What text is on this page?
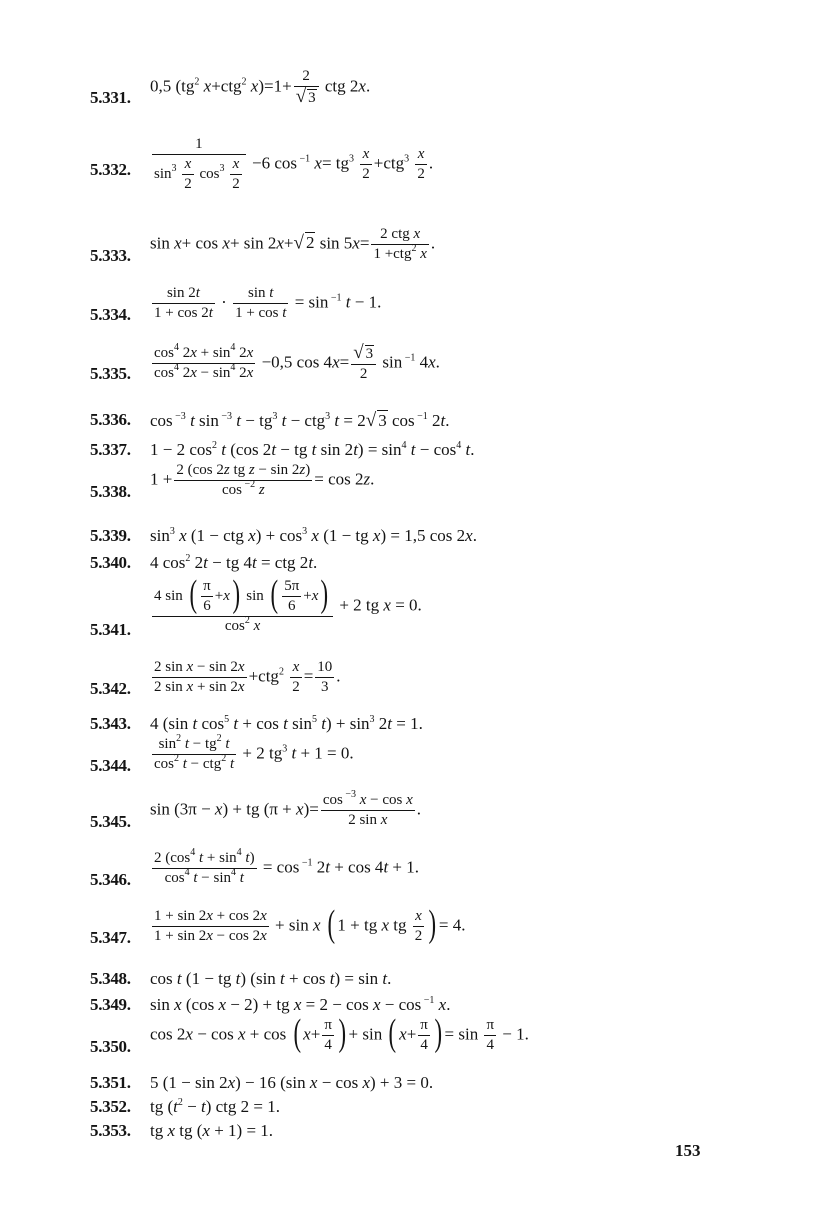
5.331.
0,5 ($tg^2$ x+ctg$^2$ $x)=1+ \frac{2}{√ 3}$ ctg 2x.
5.332. $\frac{1}{\sin^3 \frac{x}{2} \cos^3 \frac{x}{2}} -6$ cos $^{-1}$ $x= tg^3 \frac{x}{2} +ctg^3 \frac{x}{2}$ .
5.333.
sin x+ cos x+ sin 2x+√ 2 $\sin 5x= \frac{\text{2 ctg x}}{1 +ctg^2 x}$ .
5.334. $\frac{\sin 2t}{1 + \cos 2t} \cdot \frac{\text{sin t}}{\text{1 + cos t}} = \sin ^{-1}$ t − 1.
5.335. $\frac{\cos^4 2x + \sin^4 2x}{\cos^4 2x - \sin^4 2x} -0,5$ $\cos 4x= \frac{√ 3}{2}$ sin $^{-1}$ 4x.
5.336. cos $^{-3}$ t sin $^{-3}$ $t - tg^3$ t − ctg$^3$ t = 2√ 3 cos $^{-1}$ 2t.
5.337. 1 − 2 $\cos^2 t$ (cos 2t − tg t $\sin 2t) = \sin^4 t - \cos^4 t$.
5.338.
$1 + \frac{\text{2 (cos 2z tg z − sin 2z)}}{\cos ^{-2} z} = \cos 2z$.
5.339. $\sin^3 x$ (1 − ctg $x) + \cos^3 x$ (1 − tg x) = 1,5 cos 2x.
5.340. 4 $\cos^2 2t$ − tg 4t = ctg 2t.
5.341. $\frac{4 \sin ( \frac{\pi}{6} +x) \sin ( \frac{5\pi}{6} +x)}{\cos^2 x} + 2$ tg x = 0.
5.342. $\frac{\text{2 sin x − sin 2x}}{\text{2 sin x + sin 2x}} +ctg^2 \frac{x}{2} = \frac{10}{3}$ .
5.343. 4 (sin t $\cos^5 t + \cos t$ $\sin^5 t) + \sin^3 2t = 1$.
5.344. $\frac{\sin^2 t - tg^2 t}{\cos^2 t - ctg^2 t} + 2$ $tg^3$ t + 1 = 0.
5.345.
sin (3π − x) + tg $(\pi + x)= \frac{\cos ^{-3} x - \cos x}{\text{2 sin x}}$ .
5.346. $\frac{2 (\cos^4 t + \sin^4 t)}{\cos^4 t - \sin^4 t} = \cos ^{-1}$ 2t + cos 4t + 1.
5.347. $\frac{1 + \sin 2x + \cos 2x}{1 + \sin 2x - \cos 2x} + \sin x$ ( 1 + tg x tg $\frac{x}{2}$ ) = 4.
5.348. cos t (1 − tg t) (sin t + cos t) = sin t.
5.349. sin x (cos x − 2) + tg x = 2 − cos x − cos $^{-1}$ x.
5.350.
cos 2x − cos x + cos ( $x+ \frac{\pi}{4}$ ) + sin ( $x+ \frac{\pi}{4}$ ) = $\sin \frac{\pi}{4} - 1$.
5.351. 5 (1 − sin 2x) − 16 (sin x − cos x) + 3 = 0.
5.352. tg $(t^2 - t)$ ctg 2 = 1.
5.353. tg x tg (x + 1) = 1.
153
